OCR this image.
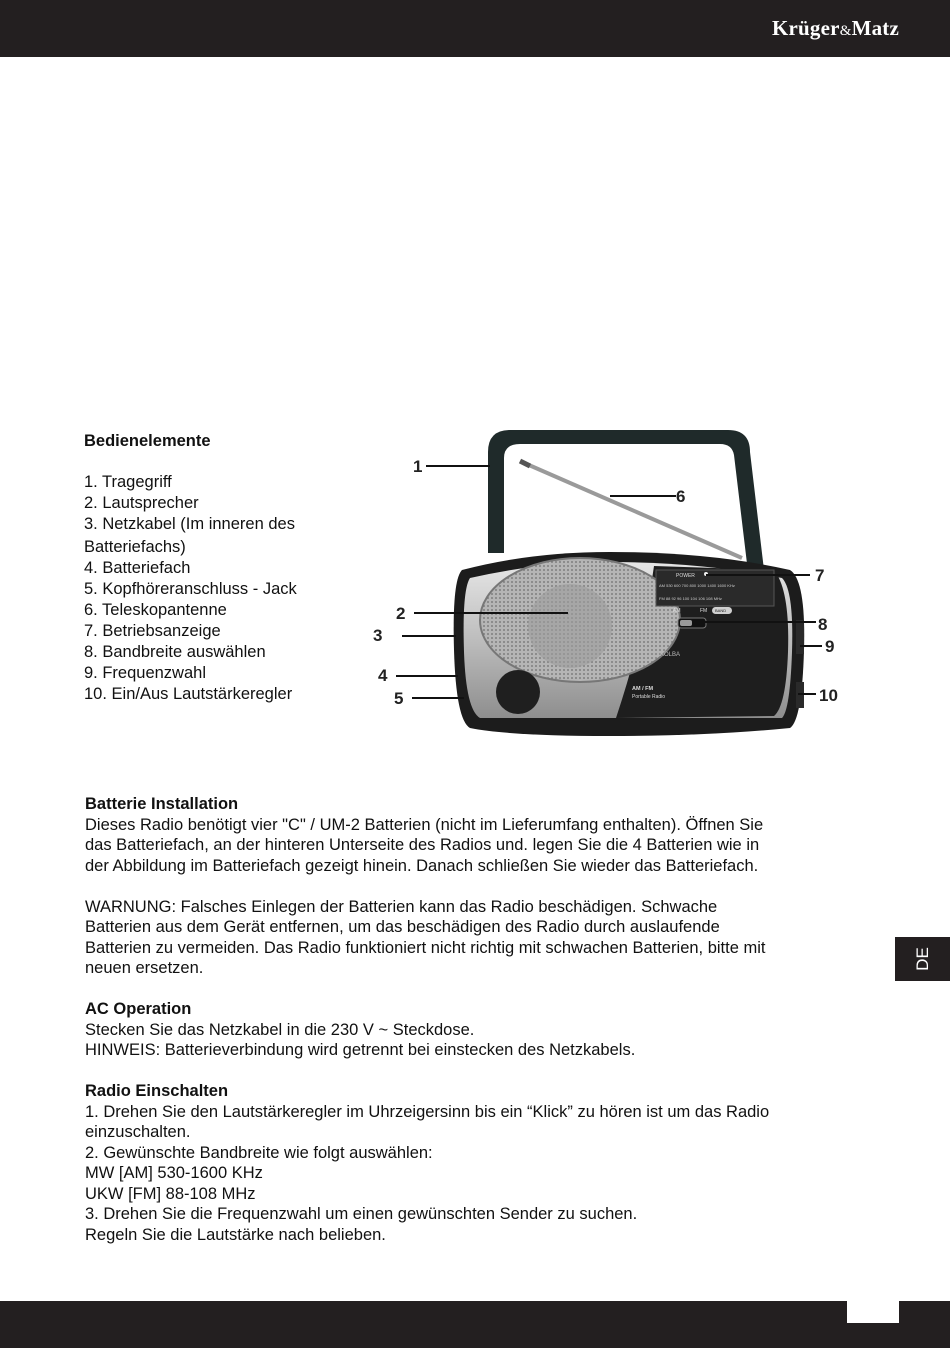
Krüger&Matz
Bedienelemente
1. Tragegriff
2. Lautsprecher
3. Netzkabel (Im inneren des
Batteriefachs)
4. Batteriefach
5. Kopfhöreranschluss - Jack
6. Teleskopantenne
7. Betriebsanzeige
8. Bandbreite auswählen
9. Frequenzwahl
10. Ein/Aus Lautstärkeregler
POWER
AM 530 600 700 800 1000 1400 1600 KHz
FM 88 92 96 100 104 106 108 MHz
AM	FM BAND
KOLBA
AM / FM
Portable Radio
1
2
3
4
5
6
7
8
9
10

Batterie Installation

Dieses Radio benötigt vier "C" / UM-2 Batterien (nicht im Lieferumfang enthalten). Öffnen Sie

das Batteriefach, an der hinteren Unterseite des Radios und. legen Sie die 4 Batterien wie in

der Abbildung im Batteriefach gezeigt hinein. Danach schließen Sie wieder das Batteriefach.

WARNUNG: Falsches Einlegen der Batterien kann das Radio beschädigen. Schwache

Batterien aus dem Gerät entfernen, um das beschädigen des Radio durch auslaufende

Batterien zu vermeiden. Das Radio funktioniert nicht richtig mit schwachen Batterien, bitte mit

neuen ersetzen.

AC Operation

Stecken Sie das Netzkabel in die 230 V ~ Steckdose.

HINWEIS: Batterieverbindung wird getrennt bei einstecken des Netzkabels.

Radio Einschalten

1. Drehen Sie den Lautstärkeregler im Uhrzeigersinn bis ein “Klick” zu hören ist um das Radio

einzuschalten.

2. Gewünschte Bandbreite wie folgt auswählen:

MW [AM] 530-1600 KHz

UKW [FM] 88-108 MHz

3. Drehen Sie die Frequenzwahl um einen gewünschten Sender zu suchen.

Regeln Sie die Lautstärke nach belieben.

DE
